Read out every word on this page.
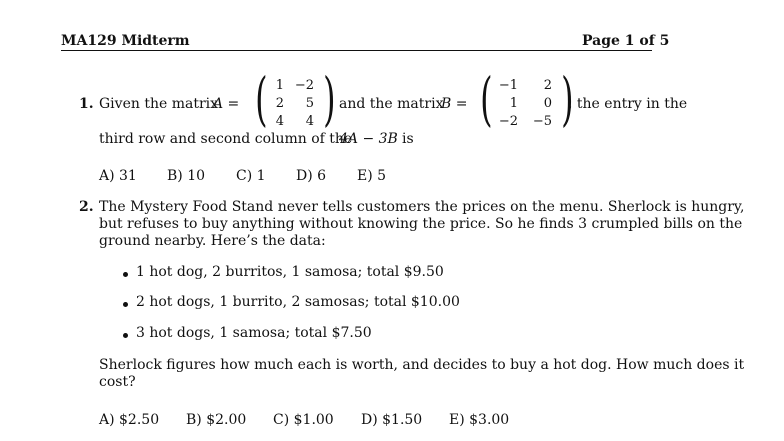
MA129 Midterm	Page 1 of 5
1. Given the matrix
A = ( 1 −2
2	5
4	4 ) and the matrix
B = ( −1	2
1	0
−2 −5 )
, the entry in the
third row and second column of the
4A − 3B is
A) 31 B) 10 C) 1 D) 6 E) 5
2. The Mystery Food Stand never tells customers the prices on the menu. Sherlock is hungry,
but refuses to buy anything without knowing the price. So he finds 3 crumpled bills on the
ground nearby. Here’s the data:
1 hot dog, 2 burritos, 1 samosa; total $9.50
2 hot dogs, 1 burrito, 2 samosas; total $10.00
3 hot dogs, 1 samosa; total $7.50
Sherlock figures how much each is worth, and decides to buy a hot dog. How much does it
cost?
A) $2.50 B) $2.00 C) $1.00 D) $1.50 E) $3.00
